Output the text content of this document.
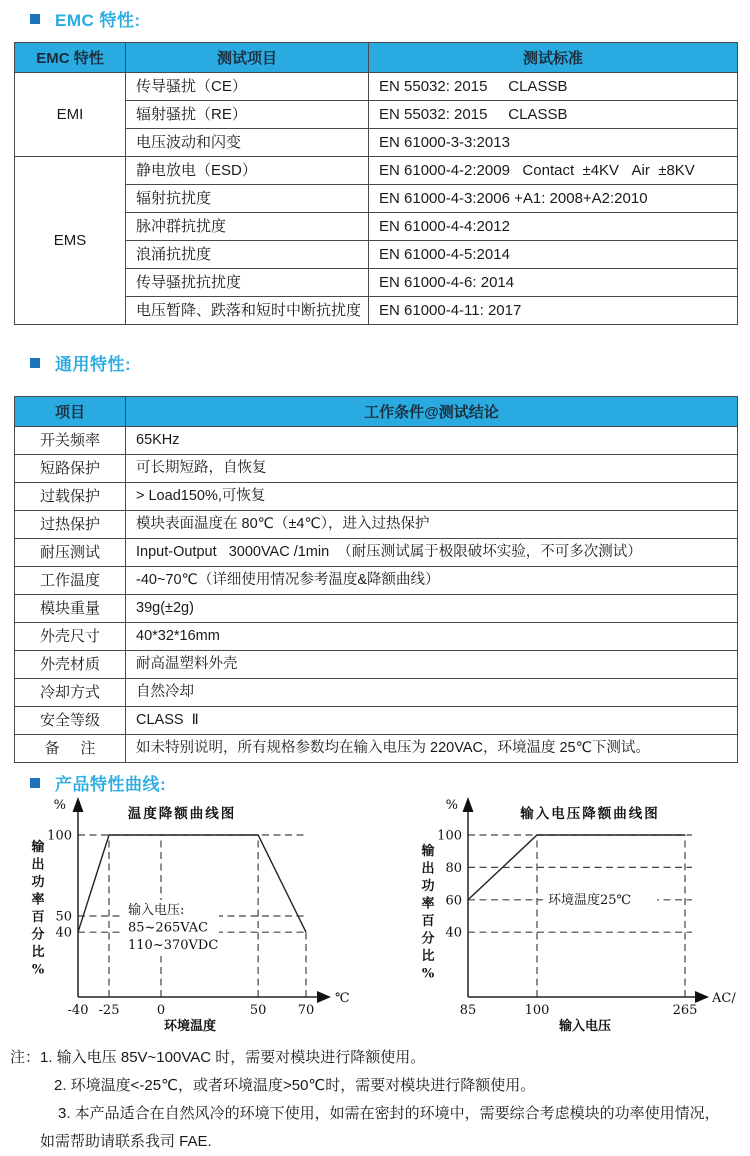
EMC 特性:
EMC 特性	测试项目	测试标准
EMI	传导骚扰（CE）	EN 55032: 2015     CLASSB
	辐射骚扰（RE）	EN 55032: 2015     CLASSB
	电压波动和闪变	EN 61000-3-3:2013
EMS	静电放电（ESD）	EN 61000-4-2:2009   Contact  ±4KV   Air  ±8KV
	辐射抗扰度	EN 61000-4-3:2006 +A1: 2008+A2:2010
	脉冲群抗扰度	EN 61000-4-4:2012
	浪涌抗扰度	EN 61000-4-5:2014
	传导骚扰抗扰度	EN 61000-4-6: 2014
	电压暂降、跌落和短时中断抗扰度	EN 61000-4-11: 2017
通用特性:
项目	工作条件@测试结论
开关频率	65KHz
短路保护	可长期短路，自恢复
过载保护	> Load150%,可恢复
过热保护	模块表面温度在 80℃（±4℃），进入过热保护
耐压测试	Input-Output   3000VAC /1min  （耐压测试属于极限破坏实验，不可多次测试）
工作温度	-40~70℃（详细使用情况参考温度&降额曲线）
模块重量	39g(±2g)
外壳尺寸	40*32*16mm
外壳材质	耐高温塑料外壳
冷却方式	自然冷却
安全等级	CLASS  Ⅱ
备     注	如未特别说明，所有规格参数均在输入电压为 220VAC，环境温度 25℃下测试。
产品特性曲线:
100
50
40
-40 -25	0	50 70
温度降额曲线图
%
℃
环境温度
输
出
功
率
百
分
比
%
输入电压:
85~265VAC
110~370VDC
100
80
60
40
85	100	265
输入电压降额曲线图
%
AC/
输入电压
输
出
功
率
百
分
比
%
环境温度25℃
注：1. 输入电压 85V~100VAC 时，需要对模块进行降额使用。
2. 环境温度<-25℃，或者环境温度>50℃时，需要对模块进行降额使用。
3. 本产品适合在自然风冷的环境下使用，如需在密封的环境中，需要综合考虑模块的功率使用情况，
如需帮助请联系我司 FAE.
